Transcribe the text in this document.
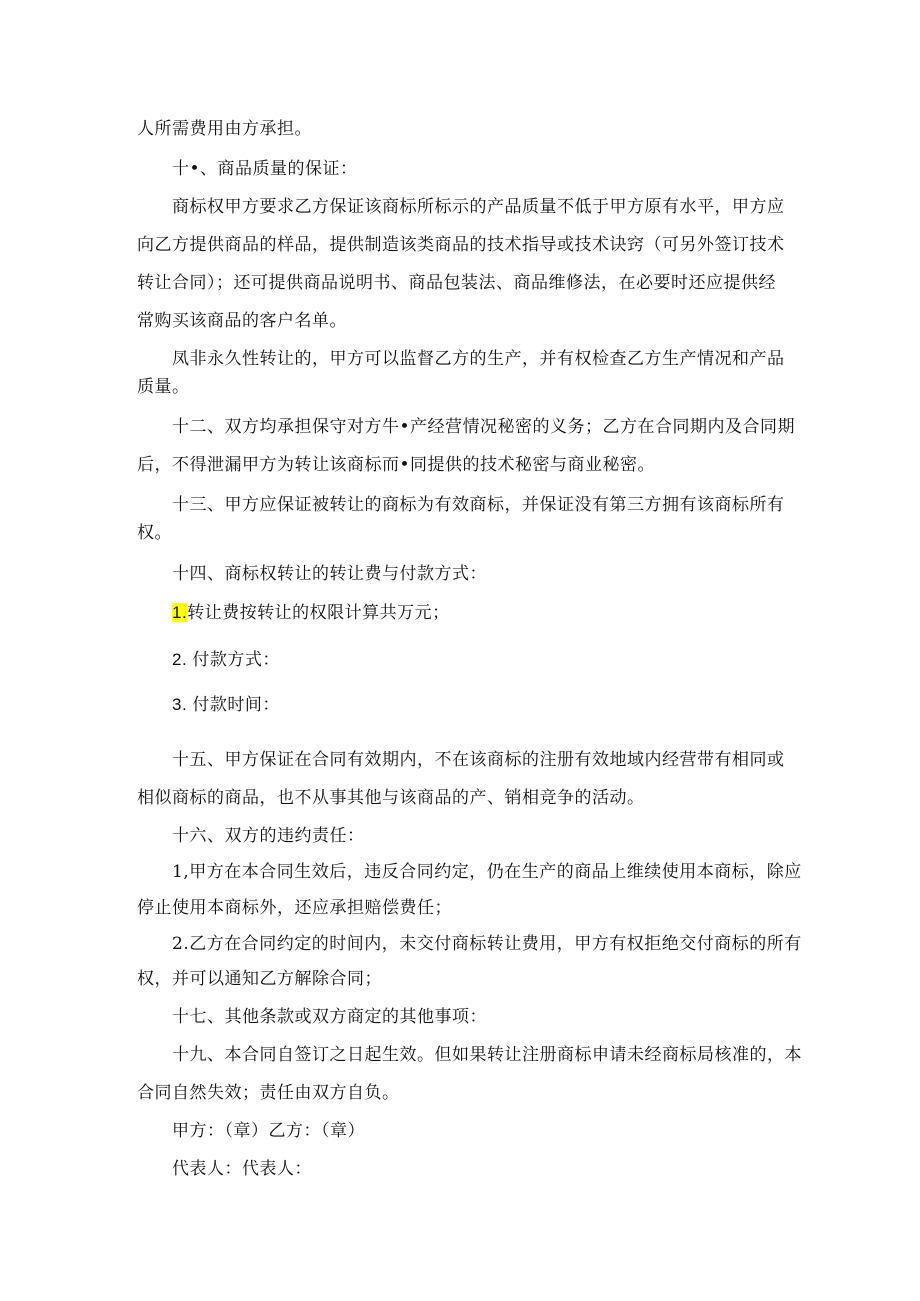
人所需费用由方承担。
十•、商品质量的保证：
商标权甲方要求乙方保证该商标所标示的产品质量不低于甲方原有水平，甲方应
向乙方提供商品的样品，提供制造该类商品的技术指导或技术诀窍（可另外签订技术
转让合同）；还可提供商品说明书、商品包装法、商品维修法，在必要时还应提供经
常购买该商品的客户名单。
凤非永久性转让的，甲方可以监督乙方的生产，并有权检查乙方生产情况和产品
质量。
十二、双方均承担保守对方牛•产经营情况秘密的义务；乙方在合同期内及合同期
后，不得泄漏甲方为转让该商标而•同提供的技术秘密与商业秘密。
十三、甲方应保证被转让的商标为有效商标，并保证没有第三方拥有该商标所有
权。
十四、商标权转让的转让费与付款方式：
1.转让费按转让的权限计算共万元；
2. 付款方式：
3. 付款时间：
十五、甲方保证在合同有效期内，不在该商标的注册有效地域内经营带有相同或
相似商标的商品，也不从事其他与该商品的产、销相竞争的活动。
十六、双方的违约责任：
1,甲方在本合同生效后，违反合同约定，仍在生产的商品上维续使用本商标，除应
停止使用本商标外，还应承担赔偿费任；
2.乙方在合同约定的时间内，未交付商标转让费用，甲方有权拒绝交付商标的所有
权，并可以通知乙方解除合同；
十七、其他条款或双方商定的其他事项：
十九、本合同自签订之日起生效。但如果转让注册商标申请未经商标局核准的，本
合同自然失效；责任由双方自负。
甲方：（章）乙方：（章）
代表人：代表人：
